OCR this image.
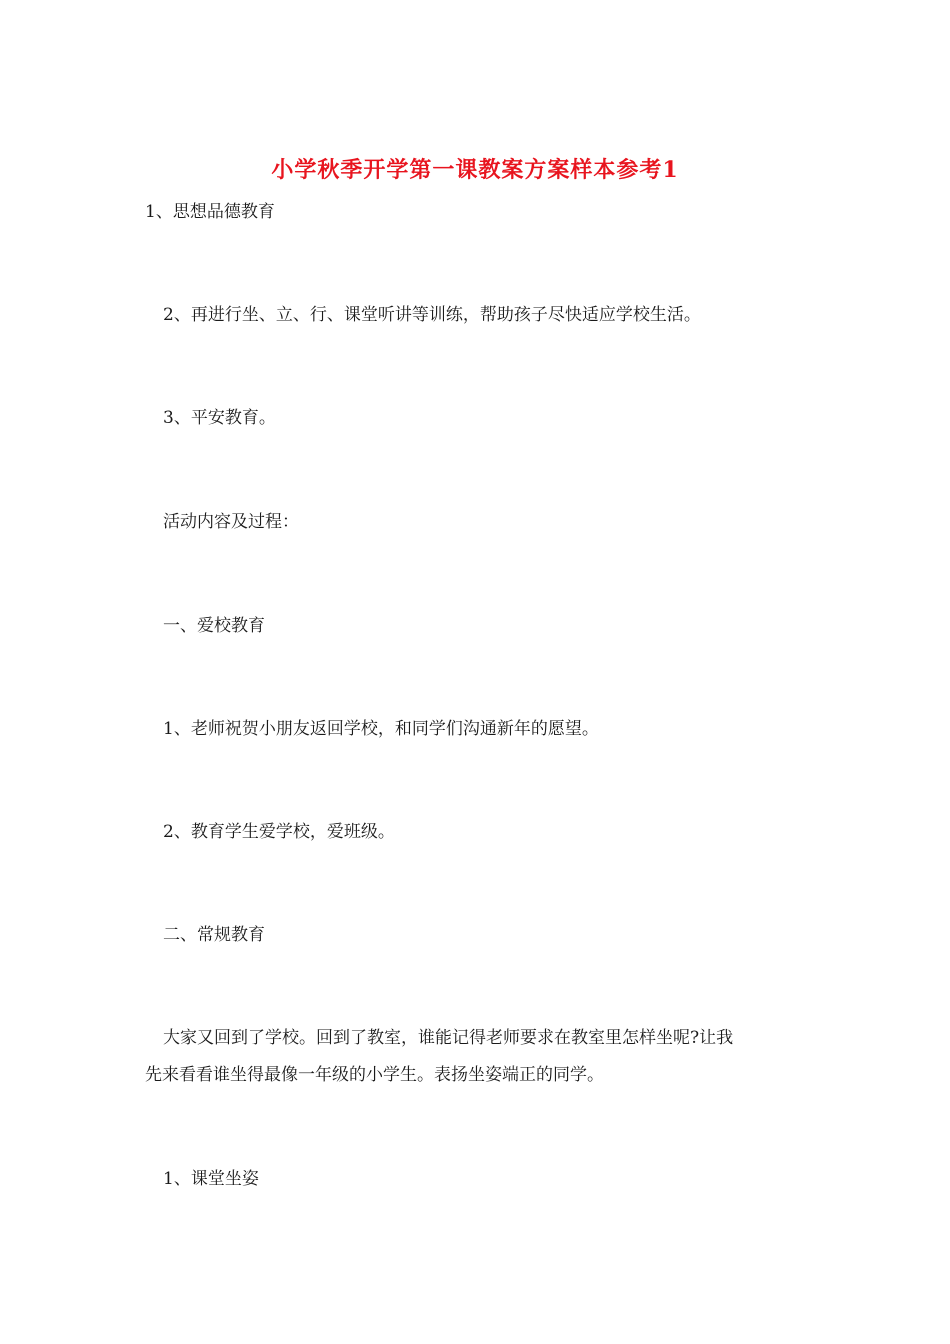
小学秋季开学第一课教案方案样本参考1
1、思想品德教育
2、再进行坐、立、行、课堂听讲等训练，帮助孩子尽快适应学校生活。
3、平安教育。
活动内容及过程：
一、爱校教育
1、老师祝贺小朋友返回学校，和同学们沟通新年的愿望。
2、教育学生爱学校，爱班级。
二、常规教育
大家又回到了学校。回到了教室，谁能记得老师要求在教室里怎样坐呢?让我
先来看看谁坐得最像一年级的小学生。表扬坐姿端正的同学。
1、课堂坐姿
